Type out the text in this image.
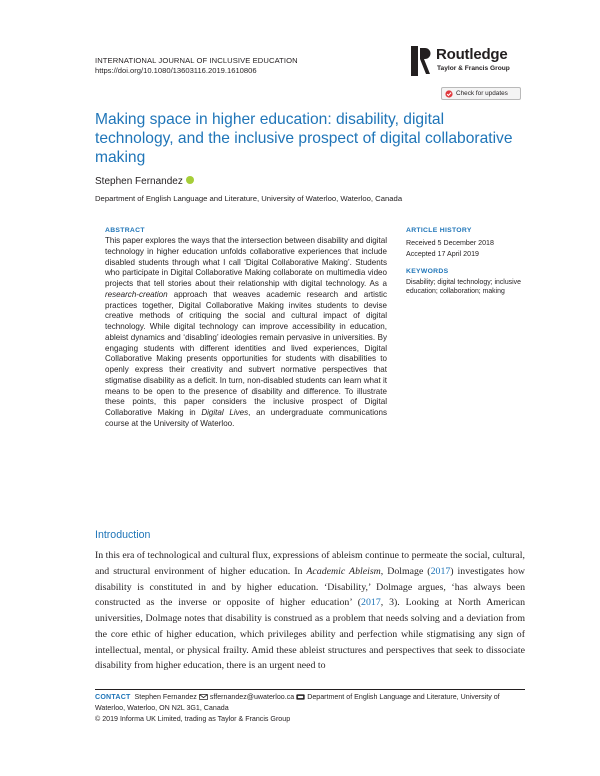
INTERNATIONAL JOURNAL OF INCLUSIVE EDUCATION
https://doi.org/10.1080/13603116.2019.1610806
Routledge
Taylor & Francis Group
Check for updates
Making space in higher education: disability, digital technology, and the inclusive prospect of digital collaborative making
Stephen Fernandez
Department of English Language and Literature, University of Waterloo, Waterloo, Canada
ABSTRACT
This paper explores the ways that the intersection between disability and digital technology in higher education unfolds collaborative experiences that include disabled students through what I call ‘Digital Collaborative Making’. Students who participate in Digital Collaborative Making collaborate on multimedia video projects that tell stories about their relationship with digital technology. As a research-creation approach that weaves academic research and artistic practices together, Digital Collaborative Making invites students to devise creative methods of critiquing the social and cultural impact of digital technology. While digital technology can improve accessibility in education, ableist dynamics and ‘disabling’ ideologies remain pervasive in universities. By engaging students with different identities and lived experiences, Digital Collaborative Making presents opportunities for students with disabilities to openly express their creativity and subvert normative perspectives that stigmatise disability as a deficit. In turn, non-disabled students can learn what it means to be open to the presence of disability and difference. To illustrate these points, this paper considers the inclusive prospect of Digital Collaborative Making in Digital Lives, an undergraduate communications course at the University of Waterloo.
ARTICLE HISTORY
Received 5 December 2018
Accepted 17 April 2019
KEYWORDS
Disability; digital technology; inclusive education; collaboration; making
Introduction
In this era of technological and cultural flux, expressions of ableism continue to permeate the social, cultural, and structural environment of higher education. In Academic Ableism, Dolmage (2017) investigates how disability is constituted in and by higher education. ‘Disability,’ Dolmage argues, ‘has always been constructed as the inverse or opposite of higher education’ (2017, 3). Looking at North American universities, Dolmage notes that disability is construed as a problem that needs solving and a deviation from the core ethic of higher education, which privileges ability and perfection while stigmatising any sign of intellectual, mental, or physical frailty. Amid these ableist structures and perspectives that seek to dissociate disability from higher education, there is an urgent need to
CONTACT Stephen Fernandez sffernandez@uwaterloo.ca Department of English Language and Literature, University of Waterloo, Waterloo, ON N2L 3G1, Canada
© 2019 Informa UK Limited, trading as Taylor & Francis Group
